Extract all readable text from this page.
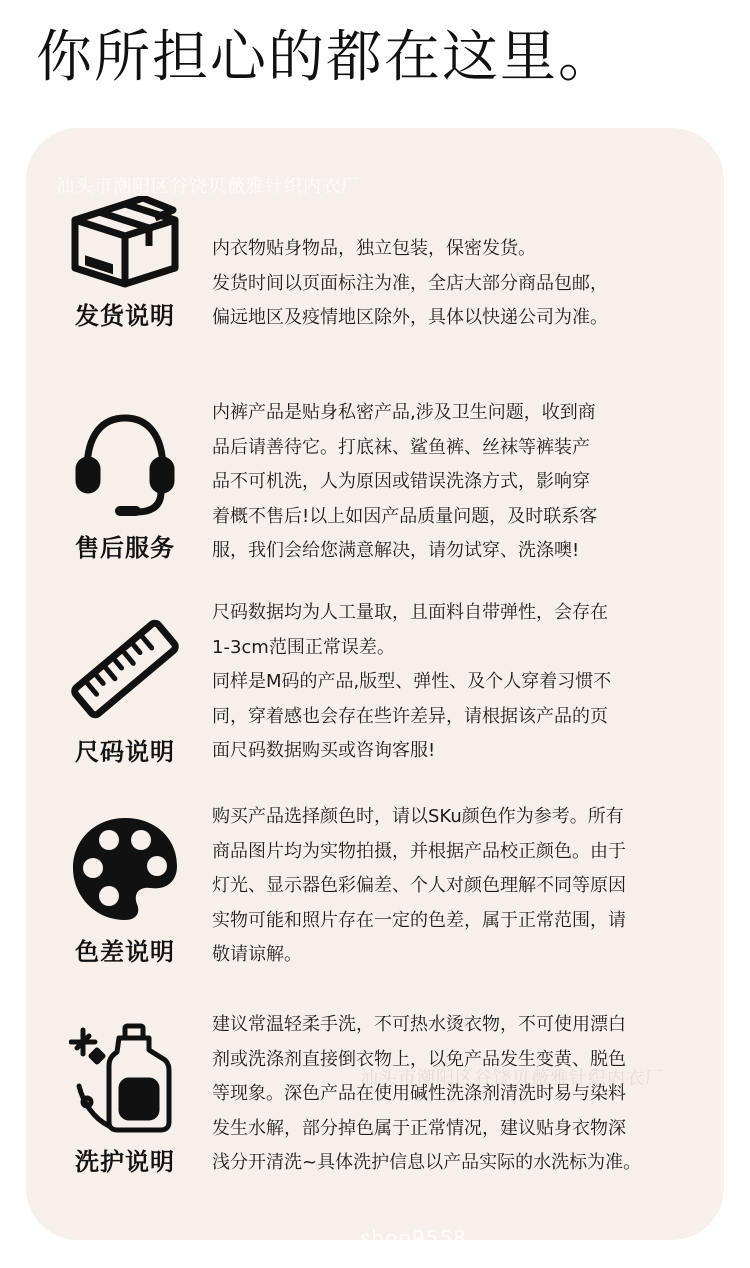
你所担心的都在这里。
汕头市潮阳区谷饶贝薇雅针织内衣厂
汕头市潮阳区谷饶贝薇雅针织内衣厂
shop9558...
发货说明
内衣物贴身物品，独立包装，保密发货。
发货时间以页面标注为准，全店大部分商品包邮，
偏远地区及疫情地区除外，具体以快递公司为准。
售后服务
内裤产品是贴身私密产品,涉及卫生问题，收到商
品后请善待它。打底袜、鲨鱼裤、丝袜等裤装产
品不可机洗，人为原因或错误洗涤方式，影响穿
着概不售后!以上如因产品质量问题，及时联系客
服，我们会给您满意解决，请勿试穿、洗涤噢!
尺码说明
尺码数据均为人工量取，且面料自带弹性，会存在
1-3cm范围正常误差。
同样是M码的产品,版型、弹性、及个人穿着习惯不
同，穿着感也会存在些许差异，请根据该产品的页
面尺码数据购买或咨询客服!
色差说明
购买产品选择颜色时，请以SKu颜色作为参考。所有
商品图片均为实物拍摄，并根据产品校正颜色。由于
灯光、显示器色彩偏差、个人对颜色理解不同等原因
实物可能和照片存在一定的色差，属于正常范围，请
敬请谅解。
洗护说明
建议常温轻柔手洗，不可热水烫衣物，不可使用漂白
剂或洗涤剂直接倒衣物上，以免产品发生变黄、脱色
等现象。深色产品在使用碱性洗涤剂清洗时易与染料
发生水解，部分掉色属于正常情况，建议贴身衣物深
浅分开清洗~具体洗护信息以产品实际的水洗标为准。
